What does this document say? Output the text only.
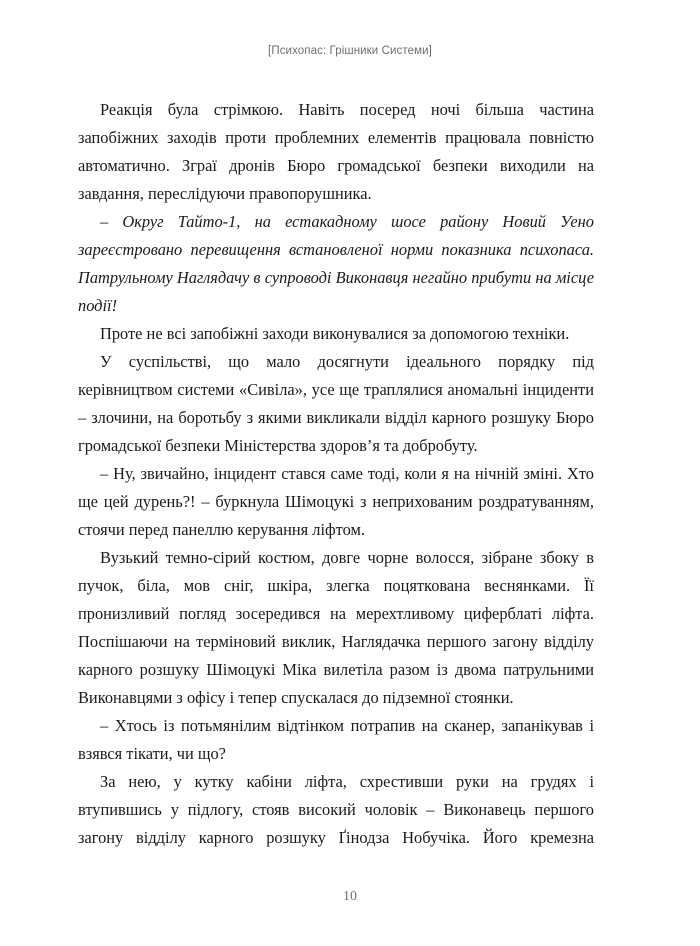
[Психопас: Грішники Системи]

Реакція була стрімкою. Навіть посеред ночі більша частина запобіжних заходів проти проблемних елементів працювала повністю автоматично. Зграї дронів Бюро громадської безпеки виходили на завдання, переслідуючи правопорушника.

– Округ Тайто-1, на естакадному шосе району Новий Уено зареєстровано перевищення встановленої норми показника психопаса. Патрульному Наглядачу в супроводі Виконавця негайно прибути на місце події!

Проте не всі запобіжні заходи виконувалися за допомогою техніки.

У суспільстві, що мало досягнути ідеального порядку під керівництвом системи «Сивіла», усе ще траплялися аномальні інциденти – злочини, на боротьбу з якими викликали відділ карного розшуку Бюро громадської безпеки Міністерства здоров’я та добробуту.

– Ну, звичайно, інцидент стався саме тоді, коли я на нічній зміні. Хто ще цей дурень?! – буркнула Шімоцукі з неприхованим роздратуванням, стоячи перед панеллю керування ліфтом.

Вузький темно-сірий костюм, довге чорне волосся, зібране збоку в пучок, біла, мов сніг, шкіра, злегка поцяткована веснянками. Її пронизливий погляд зосередився на мерехтливому циферблаті ліфта. Поспішаючи на терміновий виклик, Наглядачка першого загону відділу карного розшуку Шімоцукі Міка вилетіла разом із двома патрульними Виконавцями з офісу і тепер спускалася до підземної стоянки.

– Хтось із потьмянілим відтінком потрапив на сканер, запанікував і взявся тікати, чи що?

За нею, у кутку кабіни ліфта, схрестивши руки на грудях і втупившись у підлогу, стояв високий чоловік – Виконавець першого загону відділу карного розшуку Ґінодза Нобучіка. Його кремезна

10
